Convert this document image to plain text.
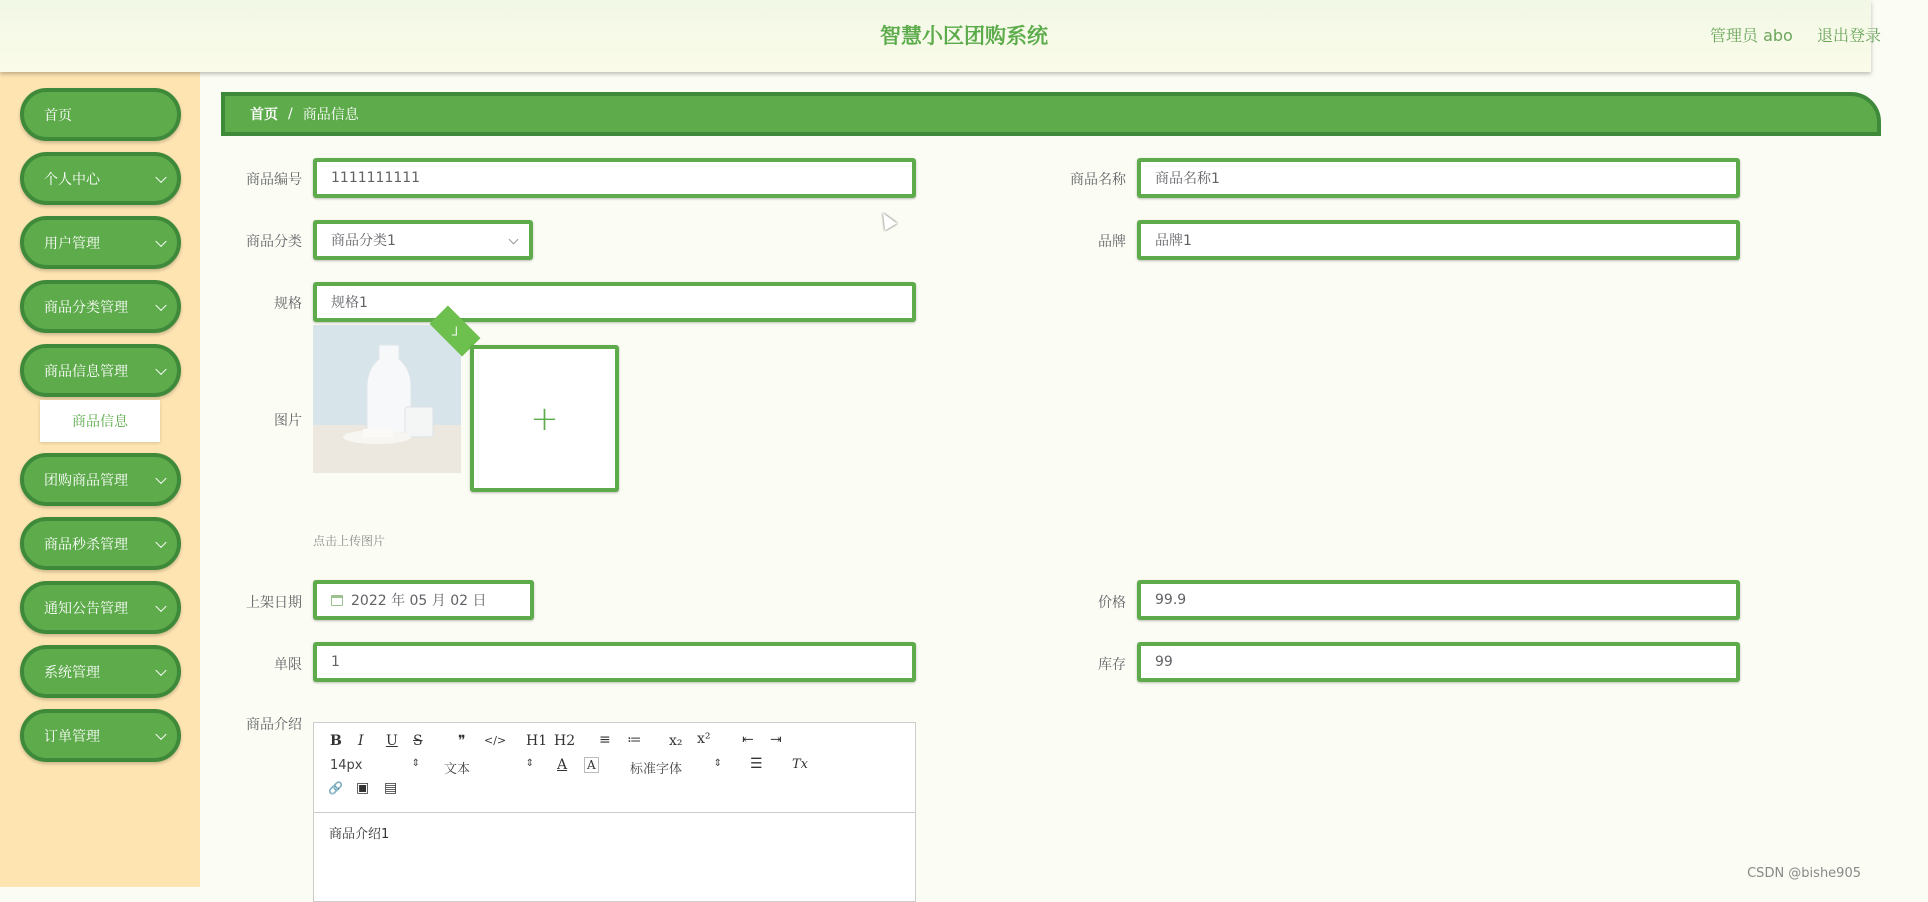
智慧小区团购系统	管理员 abo 退出登录
首页
个人中心
用户管理
商品分类管理
商品信息管理
商品信息
团购商品管理
商品秒杀管理
通知公告管理
系统管理
订单管理
首页 / 商品信息
商品编号 1111111111	商品名称 商品名称1
商品分类 商品分类1	品牌 品牌1
规格 规格1
图片	+
点击上传图片
上架日期	2022 年 05 月 02 日	价格 99.9
单限 1	库存 99
商品介绍
B I U S	❞ </> H1 H2 ≡ ≔ x₂ x² ⇤ ⇥
14px	⇕ 文本	⇕ A A	标准字体	⇕ ☰ Tx
🔗 ▣ ▤
商品介绍1
CSDN @bishe905
